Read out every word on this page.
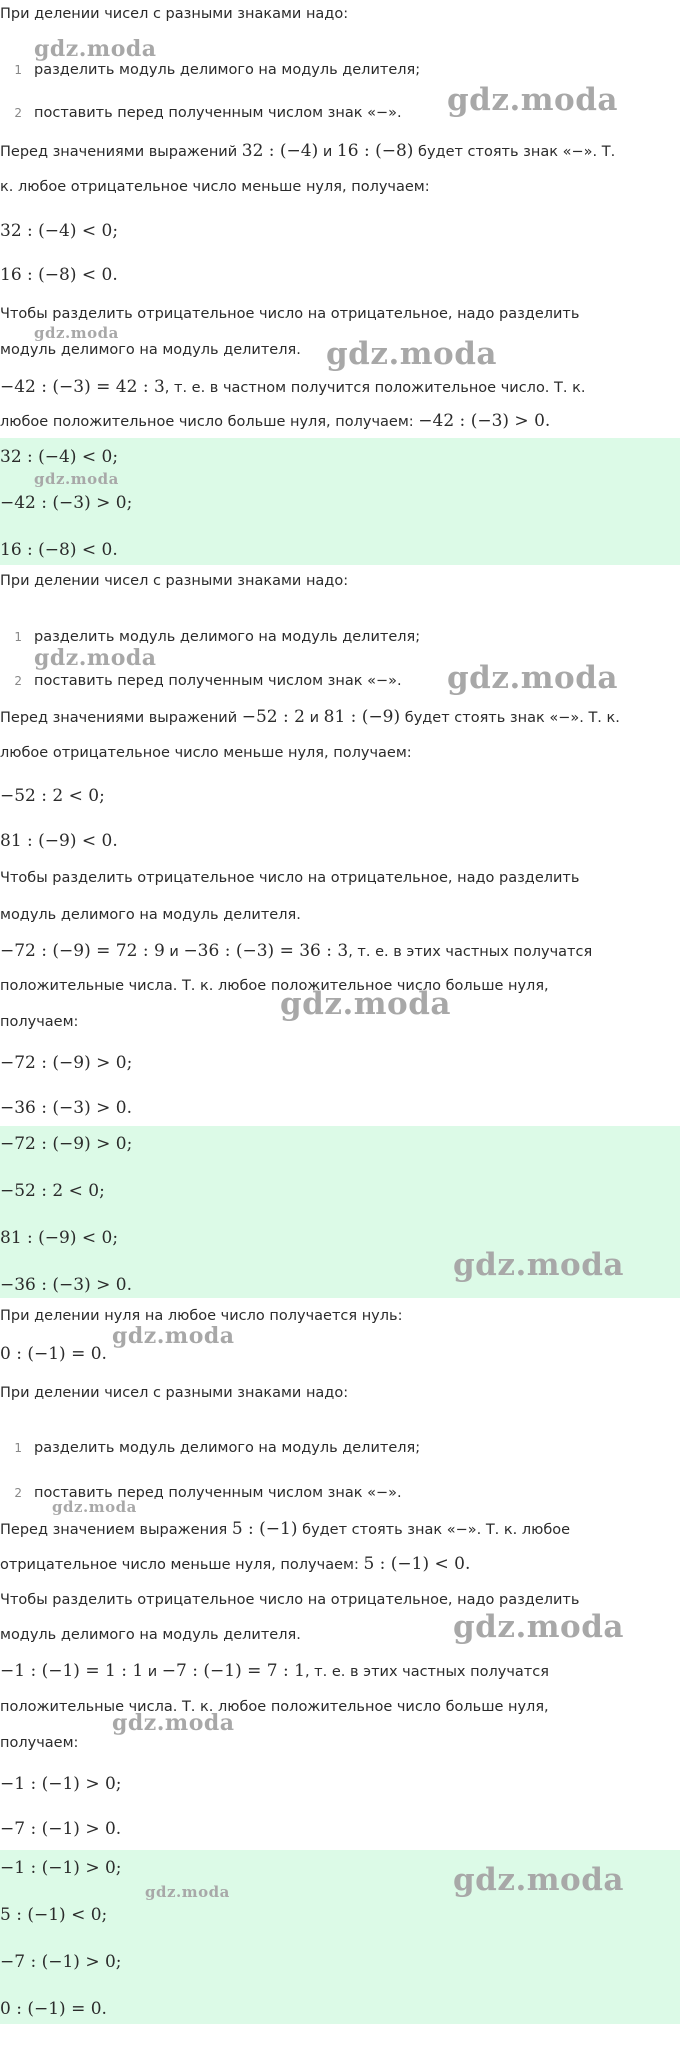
При делении чисел с разными знаками надо:
1 разделить модуль делимого на модуль делителя;
2 поставить перед полученным числом знак «−».
Перед значениями выражений 32 : (−4) и 16 : (−8) будет стоять знак «−». Т.
к. любое отрицательное число меньше нуля, получаем:
32 : (−4) < 0;
16 : (−8) < 0.
Чтобы разделить отрицательное число на отрицательное, надо разделить
модуль делимого на модуль делителя.
−42 : (−3) = 42 : 3, т. е. в частном получится положительное число. Т. к.
любое положительное число больше нуля, получаем: −42 : (−3) > 0.
32 : (−4) < 0;
−42 : (−3) > 0;
16 : (−8) < 0.
При делении чисел с разными знаками надо:
1 разделить модуль делимого на модуль делителя;
2 поставить перед полученным числом знак «−».
Перед значениями выражений −52 : 2 и 81 : (−9) будет стоять знак «−». Т. к.
любое отрицательное число меньше нуля, получаем:
−52 : 2 < 0;
81 : (−9) < 0.
Чтобы разделить отрицательное число на отрицательное, надо разделить
модуль делимого на модуль делителя.
−72 : (−9) = 72 : 9 и −36 : (−3) = 36 : 3, т. е. в этих частных получатся
положительные числа. Т. к. любое положительное число больше нуля,
получаем:
−72 : (−9) > 0;
−36 : (−3) > 0.
−72 : (−9) > 0;
−52 : 2 < 0;
81 : (−9) < 0;
−36 : (−3) > 0.
При делении нуля на любое число получается нуль:
0 : (−1) = 0.
При делении чисел с разными знаками надо:
1 разделить модуль делимого на модуль делителя;
2 поставить перед полученным числом знак «−».
Перед значением выражения 5 : (−1) будет стоять знак «−». Т. к. любое
отрицательное число меньше нуля, получаем: 5 : (−1) < 0.
Чтобы разделить отрицательное число на отрицательное, надо разделить
модуль делимого на модуль делителя.
−1 : (−1) = 1 : 1 и −7 : (−1) = 7 : 1, т. е. в этих частных получатся
положительные числа. Т. к. любое положительное число больше нуля,
получаем:
−1 : (−1) > 0;
−7 : (−1) > 0.
−1 : (−1) > 0;
5 : (−1) < 0;
−7 : (−1) > 0;
0 : (−1) = 0.
gdz.moda
gdz.moda
gdz.moda
gdz.moda
gdz.moda
gdz.moda
gdz.moda
gdz.moda
gdz.moda
gdz.moda
gdz.moda
gdz.moda
gdz.moda
gdz.moda
gdz.moda
